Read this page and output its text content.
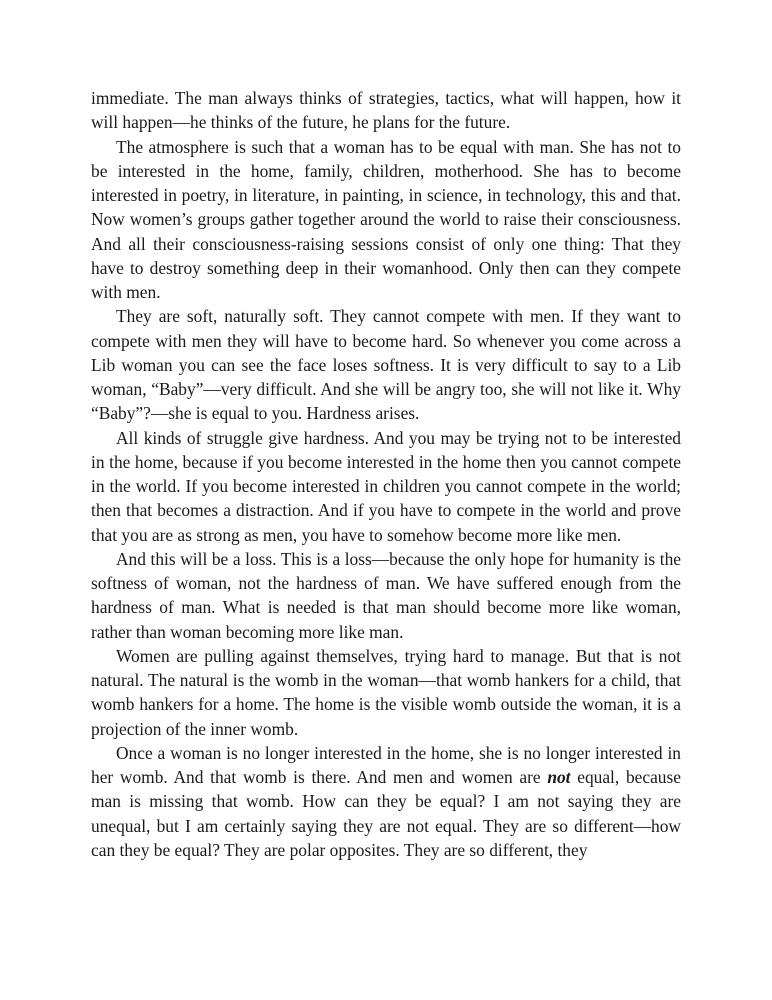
immediate. The man always thinks of strategies, tactics, what will happen, how it will happen—he thinks of the future, he plans for the future.

The atmosphere is such that a woman has to be equal with man. She has not to be interested in the home, family, children, motherhood. She has to become interested in poetry, in literature, in painting, in science, in technology, this and that. Now women’s groups gather together around the world to raise their consciousness. And all their consciousness-raising sessions consist of only one thing: That they have to destroy something deep in their womanhood. Only then can they compete with men.

They are soft, naturally soft. They cannot compete with men. If they want to compete with men they will have to become hard. So whenever you come across a Lib woman you can see the face loses softness. It is very difficult to say to a Lib woman, “Baby”—very difficult. And she will be angry too, she will not like it. Why “Baby”?—she is equal to you. Hardness arises.

All kinds of struggle give hardness. And you may be trying not to be interested in the home, because if you become interested in the home then you cannot compete in the world. If you become interested in children you cannot compete in the world; then that becomes a distraction. And if you have to compete in the world and prove that you are as strong as men, you have to somehow become more like men.

And this will be a loss. This is a loss—because the only hope for humanity is the softness of woman, not the hardness of man. We have suffered enough from the hardness of man. What is needed is that man should become more like woman, rather than woman becoming more like man.

Women are pulling against themselves, trying hard to manage. But that is not natural. The natural is the womb in the woman—that womb hankers for a child, that womb hankers for a home. The home is the visible womb outside the woman, it is a projection of the inner womb.

Once a woman is no longer interested in the home, she is no longer interested in her womb. And that womb is there. And men and women are not equal, because man is missing that womb. How can they be equal? I am not saying they are unequal, but I am certainly saying they are not equal. They are so different—how can they be equal? They are polar opposites. They are so different, they
